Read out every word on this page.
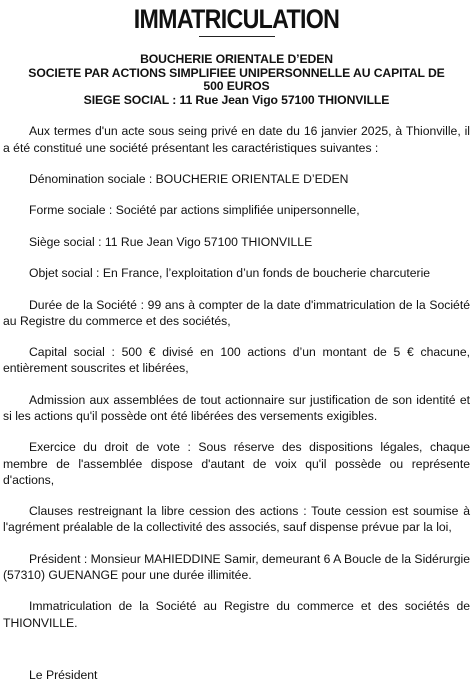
IMMATRICULATION
BOUCHERIE ORIENTALE D’EDEN
SOCIETE PAR ACTIONS SIMPLIFIEE UNIPERSONNELLE AU CAPITAL DE
500 EUROS
SIEGE SOCIAL : 11 Rue Jean Vigo 57100 THIONVILLE

Aux termes d'un acte sous seing privé en date du 16 janvier 2025, à Thionville, il a été constitué une société présentant les caractéristiques suivantes :

Dénomination sociale : BOUCHERIE ORIENTALE D’EDEN

Forme sociale : Société par actions simplifiée unipersonnelle,

Siège social : 11 Rue Jean Vigo 57100 THIONVILLE

Objet social : En France, l’exploitation d’un fonds de boucherie charcuterie

Durée de la Société : 99 ans à compter de la date d'immatriculation de la Société au Registre du commerce et des sociétés,

Capital social : 500 € divisé en 100 actions d’un montant de 5 € chacune, entièrement souscrites et libérées,

Admission aux assemblées de tout actionnaire sur justification de son identité et si les actions qu'il possède ont été libérées des versements exigibles.

Exercice du droit de vote : Sous réserve des dispositions légales, chaque membre de l'assemblée dispose d'autant de voix qu'il possède ou représente d'actions,

Clauses restreignant la libre cession des actions : Toute cession est soumise à l'agrément préalable de la collectivité des associés, sauf dispense prévue par la loi,

Président : Monsieur MAHIEDDINE Samir, demeurant 6 A Boucle de la Sidérurgie (57310) GUENANGE pour une durée illimitée.

Immatriculation de la Société au Registre du commerce et des sociétés de THIONVILLE.

Le Président
